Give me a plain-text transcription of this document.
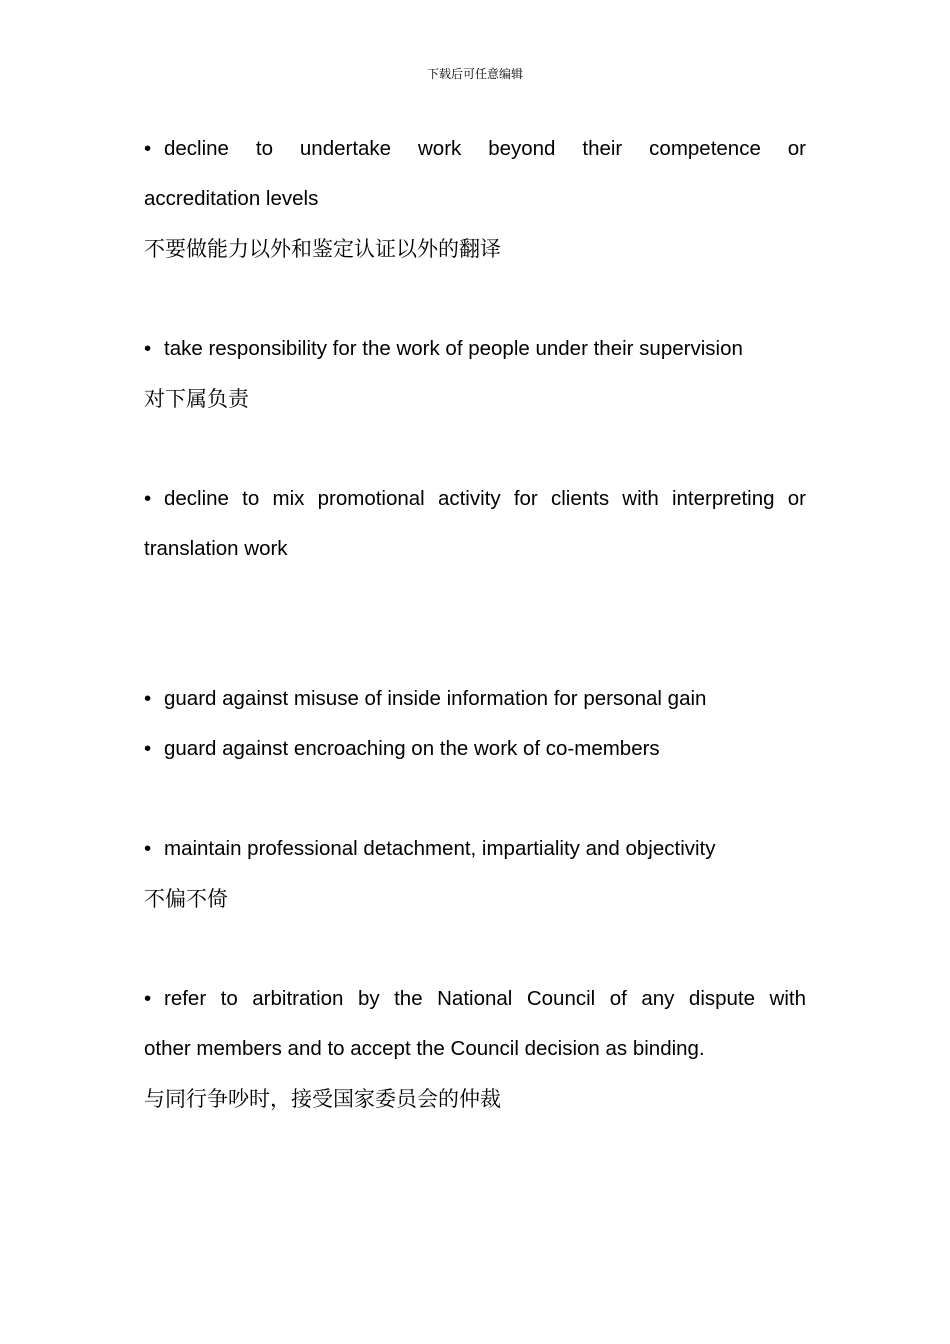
下载后可任意编辑
• decline to undertake work beyond their competence or
accreditation levels
不要做能力以外和鉴定认证以外的翻译
• take responsibility for the work of people under their supervision
对下属负责
• decline to mix promotional activity for clients with interpreting or
translation work
• guard against misuse of inside information for personal gain
• guard against encroaching on the work of co-members
• maintain professional detachment, impartiality and objectivity
不偏不倚
• refer to arbitration by the National Council of any dispute with
other members and to accept the Council decision as binding.
与同行争吵时，接受国家委员会的仲裁
